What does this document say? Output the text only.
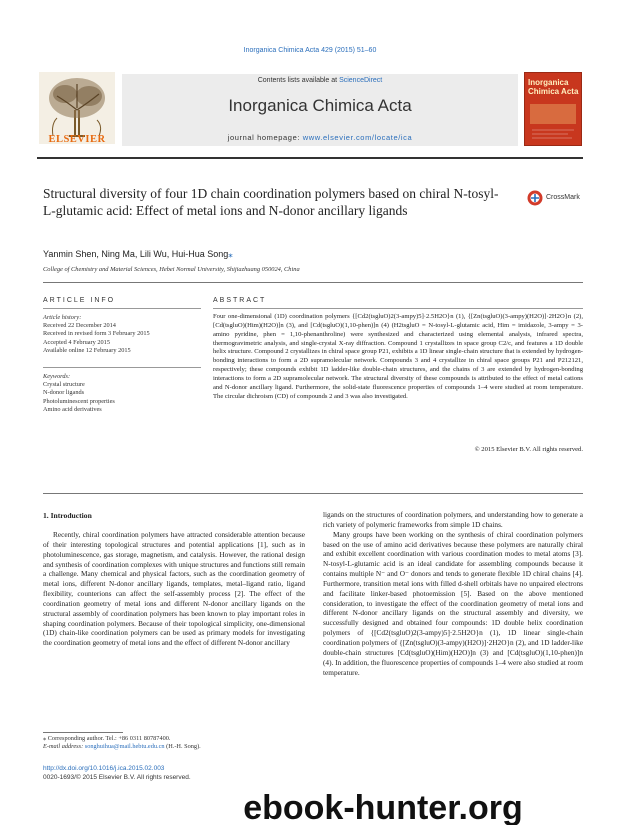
Inorganica Chimica Acta 429 (2015) 51–60
ELSEVIER
Contents lists available at ScienceDirect
Inorganica Chimica Acta
journal homepage: www.elsevier.com/locate/ica
Inorganica Chimica Acta
Structural diversity of four 1D chain coordination polymers based on chiral N-tosyl-L-glutamic acid: Effect of metal ions and N-donor ancillary ligands
CrossMark
Yanmin Shen, Ning Ma, Lili Wu, Hui-Hua Song⁎
College of Chemistry and Material Sciences, Hebei Normal University, Shijiazhuang 050024, China
ARTICLE INFO	ABSTRACT
Article history:
Received 22 December 2014
Received in revised form 3 February 2015
Accepted 4 February 2015
Available online 12 February 2015
Keywords:
Crystal structure
N-donor ligands
Photoluminescent properties
Amino acid derivatives
Four one-dimensional (1D) coordination polymers {[Cd2(tsgluO)2(3-ampy)5]·2.5H2O}n (1), {[Zn(tsgluO)(3-ampy)(H2O)]·2H2O}n (2), [Cd(tsgluO)(Him)(H2O)]n (3), and [Cd(tsgluO)(1,10-phen)]n (4) (H2tsgluO = N-tosyl-L-glutamic acid, Him = imidazole, 3-ampy = 3-amino pyridine, phen = 1,10-phenanthroline) were synthesized and characterized using elemental analysis, infrared spectra, thermogravimetric analysis, and single-crystal X-ray diffraction. Compound 1 crystallizes in space group C2/c, and features a 1D double helix structure. Compound 2 crystallizes in chiral space group P21, exhibits a 1D linear single-chain structure that is extended by hydrogen-bonding interactions to form a 2D supramolecular network. Compounds 3 and 4 crystallize in chiral space groups P21 and P212121, respectively; these compounds exhibit 1D ladder-like double-chain structures, and the chains of 3 are extended by hydrogen-bonding interactions to form a 2D supramolecular network. The structural diversity of these compounds is attributed to the effect of metal cations and N-donor ancillary ligand. Furthermore, the solid-state fluorescence properties of compounds 1–4 were studied at room temperature. The circular dichroism (CD) of compounds 2 and 3 was also investigated.
© 2015 Elsevier B.V. All rights reserved.
1. Introduction

Recently, chiral coordination polymers have attracted considerable attention because of their interesting topological structures and potential applications [1], such as in photoluminescence, gas storage, magnetism, and catalysis. However, the rational design and synthesis of coordination complexes with unique structures and functions still remain a challenge. Many chemical and physical factors, such as the coordination geometry of metal ions, different N-donor ancillary ligands, templates, metal–ligand ratio, ligand flexibility, counterions can affect the self-assembly process [2]. The effect of the coordination geometry of metal ions and different N-donor ancillary ligands on the structural assembly of coordination polymers has been known to play important roles in shaping coordination polymers. Because of their topological simplicity, one-dimensional (1D) chain-like coordination polymers can be used as primary models for investigating the coordination geometry of metal ions and the effect of different N-donor ancillary

ligands on the structures of coordination polymers, and understanding how to generate a rich variety of polymeric frameworks from simple 1D chains.

Many groups have been working on the synthesis of chiral coordination polymers based on the use of amino acid derivatives because these polymers are naturally chiral and exhibit excellent coordination with various coordination modes to metal atoms [3]. N-tosyl-L-glutamic acid is an ideal candidate for assembling compounds because it contains multiple N⁻ and O⁻ donors and tends to generate flexible 1D chiral chains [4]. Furthermore, transition metal ions with filled d-shell orbitals have no unpaired electrons and facilitate linker-based photoemission [5]. Based on the above mentioned consideration, to investigate the effect of the coordination geometry of metal ions and different N-donor ancillary ligands on the structural assembly and diversity, we successfully designed and obtained four compounds: 1D double helix coordination polymers of {[Cd2(tsgluO)2(3-ampy)5]·2.5H2O}n (1), 1D linear single-chain coordination polymers of {[Zn(tsgluO)(3-ampy)(H2O)]·2H2O}n (2), and 1D ladder-like double-chain structures [Cd(tsgluO)(Him)(H2O)]n (3) and [Cd(tsgluO)(1,10-phen)]n (4). In addition, the fluorescence properties of compounds 1–4 were also studied at room temperature.

⁎ Corresponding author. Tel.: +86 0311 80787400.
E-mail address: songhuihua@mail.hebtu.edu.cn (H.-H. Song).
http://dx.doi.org/10.1016/j.ica.2015.02.003
0020-1693/© 2015 Elsevier B.V. All rights reserved.
ebook-hunter.org
